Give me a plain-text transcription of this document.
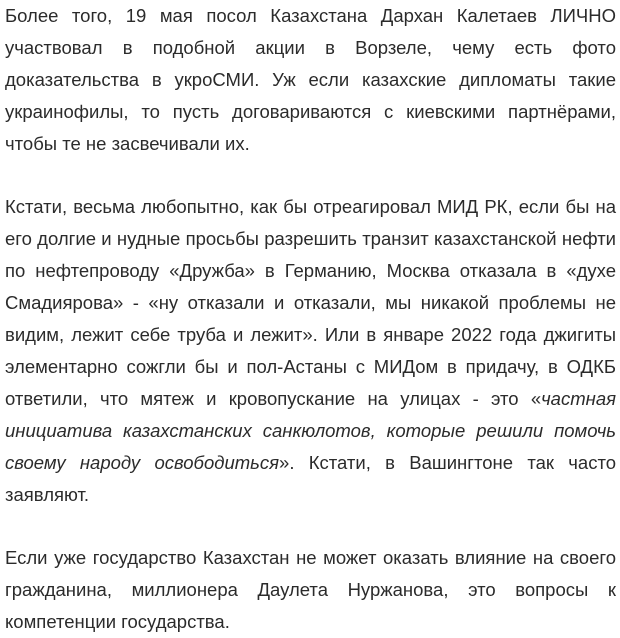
Более того, 19 мая посол Казахстана Дархан Калетаев ЛИЧНО участвовал в подобной акции в Ворзеле, чему есть фото доказательства в укроСМИ. Уж если казахские дипломаты такие украинофилы, то пусть договариваются с киевскими партнёрами, чтобы те не засвечивали их.

Кстати, весьма любопытно, как бы отреагировал МИД РК, если бы на его долгие и нудные просьбы разрешить транзит казахстанской нефти по нефтепроводу «Дружба» в Германию, Москва отказала в «духе Смадиярова» - «ну отказали и отказали, мы никакой проблемы не видим, лежит себе труба и лежит». Или в январе 2022 года джигиты элементарно сожгли бы и пол-Астаны с МИДом в придачу, в ОДКБ ответили, что мятеж и кровопускание на улицах - это «частная инициатива казахстанских санкюлотов, которые решили помочь своему народу освободиться». Кстати, в Вашингтоне так часто заявляют.

Если уже государство Казахстан не может оказать влияние на своего гражданина, миллионера Даулета Нуржанова, это вопросы к компетенции государства.
